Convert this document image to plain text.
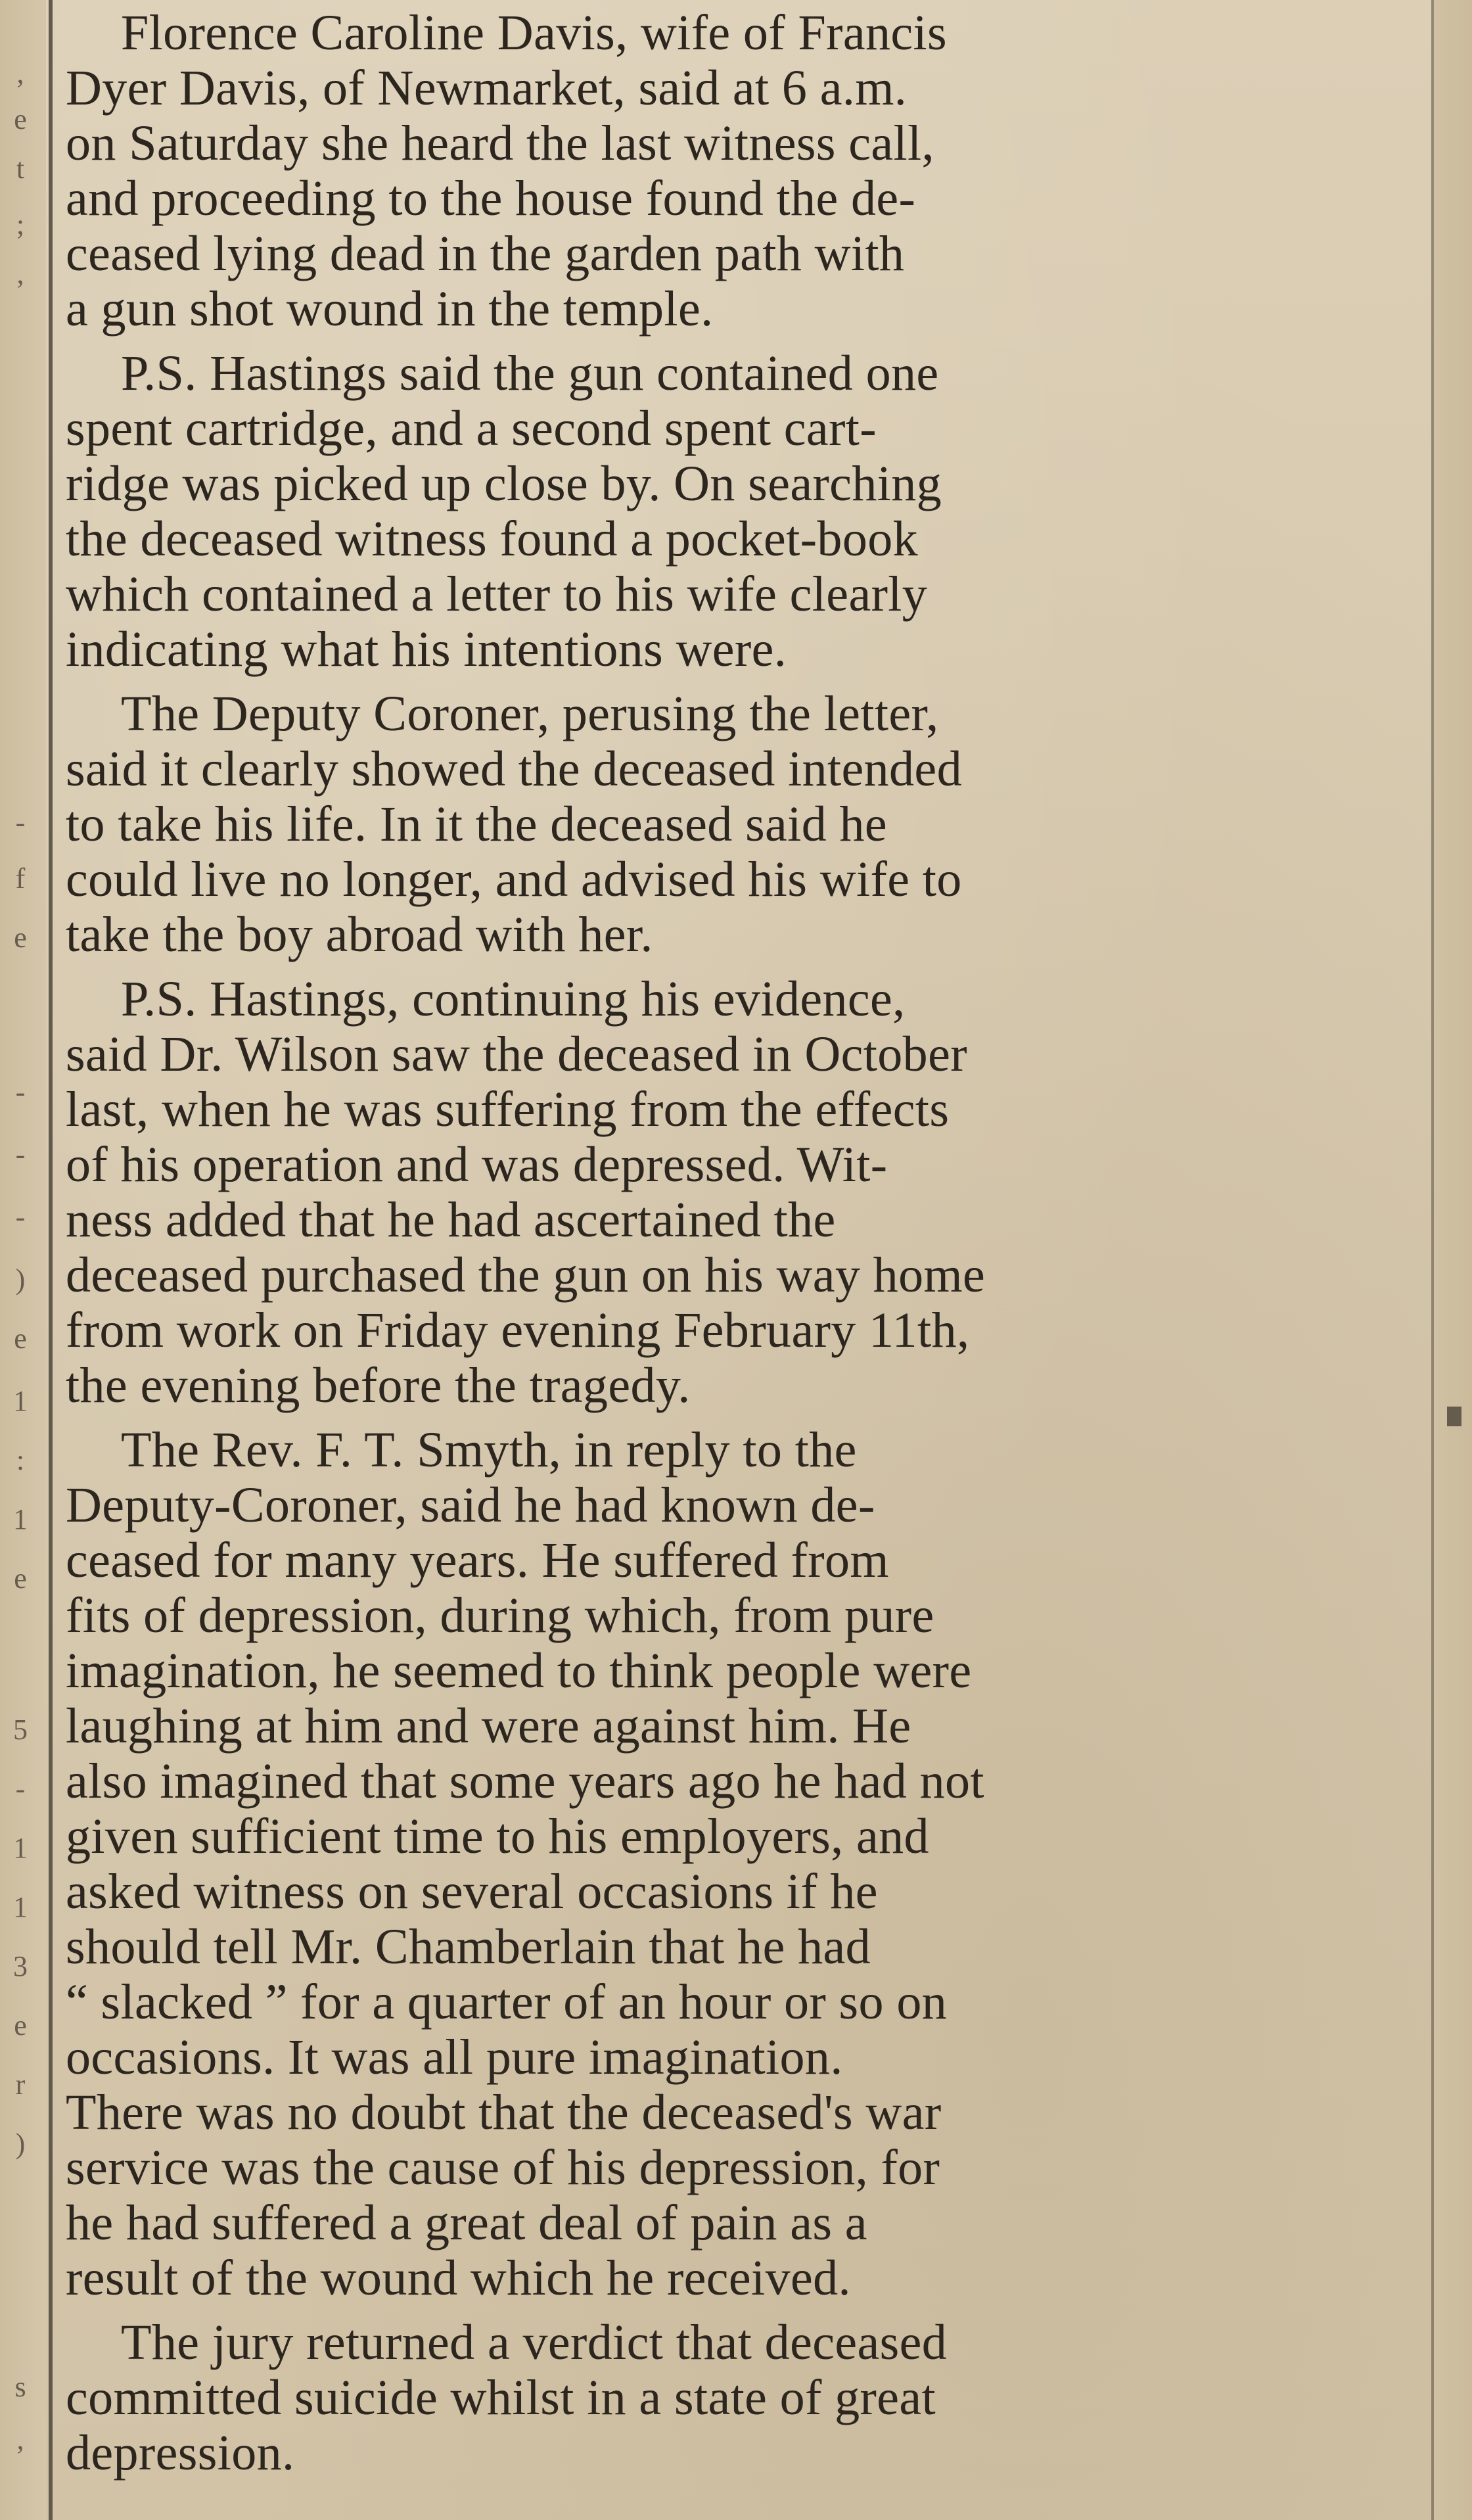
,
e
t
;
,
-
f
e
-
-
-
)
e
1
:
1
e
5
-
1
1
3
e
r
)
s
,
Florence Caroline Davis, wife of Francis
Dyer Davis, of Newmarket, said at 6 a.m.
on Saturday she heard the last witness call,
and proceeding to the house found the de-
ceased lying dead in the garden path with
a gun shot wound in the temple.
P.S. Hastings said the gun contained one
spent cartridge, and a second spent cart-
ridge was picked up close by. On searching
the deceased witness found a pocket-book
which contained a letter to his wife clearly
indicating what his intentions were.
The Deputy Coroner, perusing the letter,
said it clearly showed the deceased intended
to take his life. In it the deceased said he
could live no longer, and advised his wife to
take the boy abroad with her.
P.S. Hastings, continuing his evidence,
said Dr. Wilson saw the deceased in October
last, when he was suffering from the effects
of his operation and was depressed. Wit-
ness added that he had ascertained the
deceased purchased the gun on his way home
from work on Friday evening February 11th,
the evening before the tragedy.
The Rev. F. T. Smyth, in reply to the
Deputy-Coroner, said he had known de-
ceased for many years. He suffered from
fits of depression, during which, from pure
imagination, he seemed to think people were
laughing at him and were against him. He
also imagined that some years ago he had not
given sufficient time to his employers, and
asked witness on several occasions if he
should tell Mr. Chamberlain that he had
“ slacked ” for a quarter of an hour or so on
occasions. It was all pure imagination.
There was no doubt that the deceased's war
service was the cause of his depression, for
he had suffered a great deal of pain as a
result of the wound which he received.
The jury returned a verdict that deceased
committed suicide whilst in a state of great
depression.
